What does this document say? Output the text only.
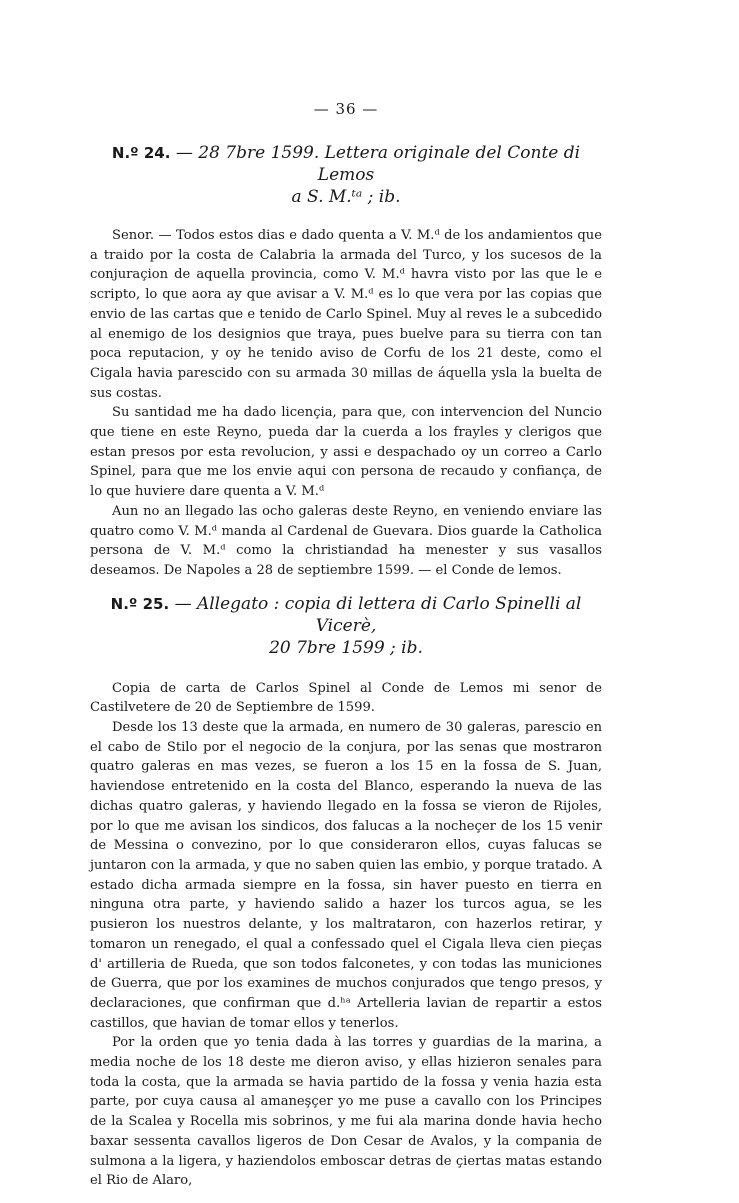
— 36 —
N.º 24. — 28 7bre 1599. Lettera originale del Conte di Lemos
a S. M.ᵗᵃ ; ib.

Senor. — Todos estos dias e dado quenta a V. M.ᵈ de los andamientos que a traido por la costa de Calabria la armada del Turco, y los sucesos de la conjuraçion de aquella provincia, como V. M.ᵈ havra visto por las que le e scripto, lo que aora ay que avisar a V. M.ᵈ es lo que vera por las copias que envio de las cartas que e tenido de Carlo Spinel. Muy al reves le a subcedido al enemigo de los designios que traya, pues buelve para su tierra con tan poca reputacion, y oy he tenido aviso de Corfu de los 21 deste, como el Cigala havia parescido con su armada 30 millas de áquella ysla la buelta de sus costas.

Su santidad me ha dado licençia, para que, con intervencion del Nuncio que tiene en este Reyno, pueda dar la cuerda a los frayles y clerigos que estan presos por esta revolucion, y assi e despachado oy un correo a Carlo Spinel, para que me los envie aqui con persona de recaudo y confiança, de lo que huviere dare quenta a V. M.ᵈ

Aun no an llegado las ocho galeras deste Reyno, en veniendo enviare las quatro como V. M.ᵈ manda al Cardenal de Guevara. Dios guarde la Catholica persona de V. M.ᵈ como la christiandad ha menester y sus vasallos deseamos. De Napoles a 28 de septiembre 1599. — el Conde de lemos.

N.º 25. — Allegato : copia di lettera di Carlo Spinelli al Vicerè,
20 7bre 1599 ; ib.

Copia de carta de Carlos Spinel al Conde de Lemos mi senor de Castilvetere de 20 de Septiembre de 1599.

Desde los 13 deste que la armada, en numero de 30 galeras, parescio en el cabo de Stilo por el negocio de la conjura, por las senas que mostraron quatro galeras en mas vezes, se fueron a los 15 en la fossa de S. Juan, haviendose entretenido en la costa del Blanco, esperando la nueva de las dichas quatro galeras, y haviendo llegado en la fossa se vieron de Rijoles, por lo que me avisan los sindicos, dos falucas a la nocheçer de los 15 venir de Messina o convezino, por lo que consideraron ellos, cuyas falucas se juntaron con la armada, y que no saben quien las embio, y porque tratado. A estado dicha armada siempre en la fossa, sin haver puesto en tierra en ninguna otra parte, y haviendo salido a hazer los turcos agua, se les pusieron los nuestros delante, y los maltrataron, con hazerlos retirar, y tomaron un renegado, el qual a confessado quel el Cigala lleva cien pieças d' artilleria de Rueda, que son todos falconetes, y con todas las municiones de Guerra, que por los examines de muchos conjurados que tengo presos, y declaraciones, que confirman que d.ʰᵃ Artelleria lavian de repartir a estos castillos, que havian de tomar ellos y tenerlos.

Por la orden que yo tenia dada à las torres y guardias de la marina, a media noche de los 18 deste me dieron aviso, y ellas hizieron senales para toda la costa, que la armada se havia partido de la fossa y venia hazia esta parte, por cuya causa al amaneşçer yo me puse a cavallo con los Principes de la Scalea y Rocella mis sobrinos, y me fui ala marina donde havia hecho baxar sessenta cavallos ligeros de Don Cesar de Avalos, y la compania de sulmona a la ligera, y haziendolos emboscar detras de çiertas matas estando el Rio de Alaro,
